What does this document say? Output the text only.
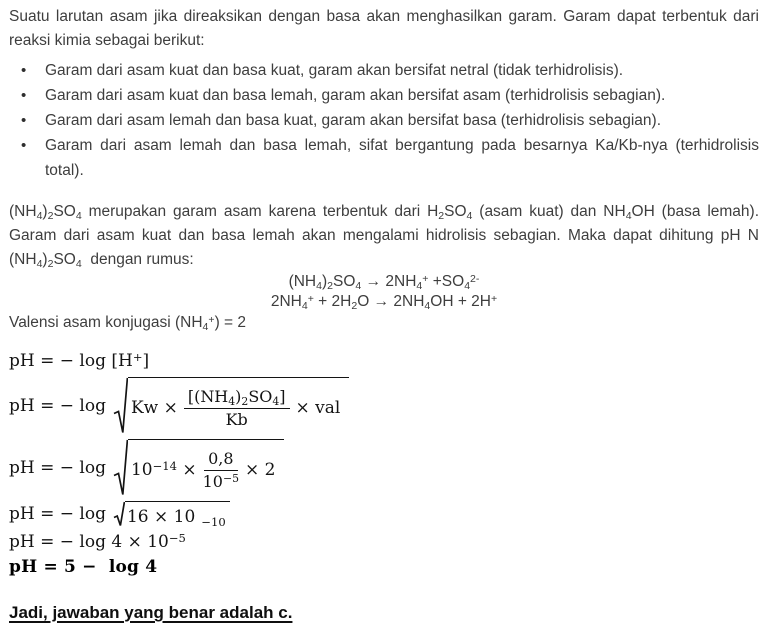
Suatu larutan asam jika direaksikan dengan basa akan menghasilkan garam. Garam dapat terbentuk dari reaksi kimia sebagai berikut:

• Garam dari asam kuat dan basa kuat, garam akan bersifat netral (tidak terhidrolisis).
• Garam dari asam kuat dan basa lemah, garam akan bersifat asam (terhidrolisis sebagian).
• Garam dari asam lemah dan basa kuat, garam akan bersifat basa (terhidrolisis sebagian).
• Garam dari asam lemah dan basa lemah, sifat bergantung pada besarnya Ka/Kb-nya (terhidrolisis total).

$(NH_4)_2SO_4$ merupakan garam asam karena terbentuk dari $H_2SO_4$ (asam kuat) dan $NH_4OH$ (basa lemah). Garam dari asam kuat dan basa lemah akan mengalami hidrolisis sebagian. Maka dapat dihitung pH N $(NH_4)_2SO_4$  dengan rumus:

$(NH_4)_2SO_4 \to 2NH_4^+ +SO_4^{2-}$
$2NH_4^+ + 2H_2O \to 2NH_4OH + 2H^+$

Valensi asam konjugasi $(NH_4^+) = 2$

pH = − log [H+]
pH = − $\log Kw \times \frac{[(NH_4)_2SO_4]}{Kb}$ × val
pH = − $\log 10^{-14} \times \frac{0,8}{10^{-5}} \times 2$
pH = − log 16 × 10 $^{-10}$
pH = − $\log 4 \times 10^{-5}$
pH = 5 −  log 4

Jadi, jawaban yang benar adalah c.
